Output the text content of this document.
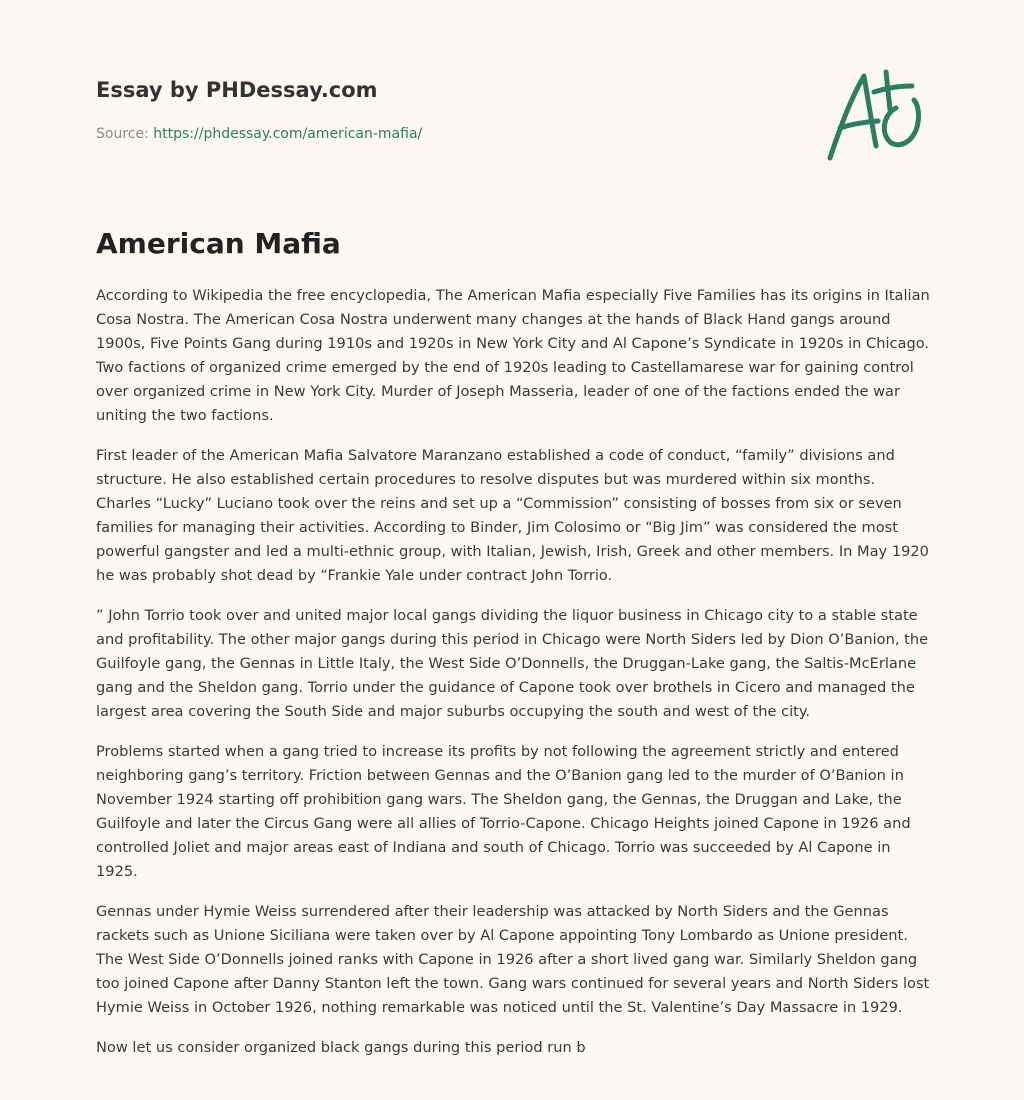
Essay by PHDessay.com
Source: https://phdessay.com/american-mafia/
American Mafia

According to Wikipedia the free encyclopedia, The American Mafia especially Five Families has its origins in Italian Cosa Nostra. The American Cosa Nostra underwent many changes at the hands of Black Hand gangs around 1900s, Five Points Gang during 1910s and 1920s in New York City and Al Capone’s Syndicate in 1920s in Chicago. Two factions of organized crime emerged by the end of 1920s leading to Castellamarese war for gaining control over organized crime in New York City. Murder of Joseph Masseria, leader of one of the factions ended the war uniting the two factions.

First leader of the American Mafia Salvatore Maranzano established a code of conduct, “family” divisions and structure. He also established certain procedures to resolve disputes but was murdered within six months. Charles “Lucky” Luciano took over the reins and set up a “Commission” consisting of bosses from six or seven families for managing their activities. According to Binder, Jim Colosimo or “Big Jim” was considered the most powerful gangster and led a multi-ethnic group, with Italian, Jewish, Irish, Greek and other members. In May 1920 he was probably shot dead by “Frankie Yale under contract John Torrio.

” John Torrio took over and united major local gangs dividing the liquor business in Chicago city to a stable state and profitability. The other major gangs during this period in Chicago were North Siders led by Dion O’Banion, the Guilfoyle gang, the Gennas in Little Italy, the West Side O’Donnells, the Druggan-Lake gang, the Saltis-McErlane gang and the Sheldon gang. Torrio under the guidance of Capone took over brothels in Cicero and managed the largest area covering the South Side and major suburbs occupying the south and west of the city.

Problems started when a gang tried to increase its profits by not following the agreement strictly and entered neighboring gang’s territory. Friction between Gennas and the O’Banion gang led to the murder of O’Banion in November 1924 starting off prohibition gang wars. The Sheldon gang, the Gennas, the Druggan and Lake, the Guilfoyle and later the Circus Gang were all allies of Torrio-Capone. Chicago Heights joined Capone in 1926 and controlled Joliet and major areas east of Indiana and south of Chicago. Torrio was succeeded by Al Capone in 1925.

Gennas under Hymie Weiss surrendered after their leadership was attacked by North Siders and the Gennas rackets such as Unione Siciliana were taken over by Al Capone appointing Tony Lombardo as Unione president. The West Side O’Donnells joined ranks with Capone in 1926 after a short lived gang war. Similarly Sheldon gang too joined Capone after Danny Stanton left the town. Gang wars continued for several years and North Siders lost Hymie Weiss in October 1926, nothing remarkable was noticed until the St. Valentine’s Day Massacre in 1929.

Now let us consider organized black gangs during this period run b
